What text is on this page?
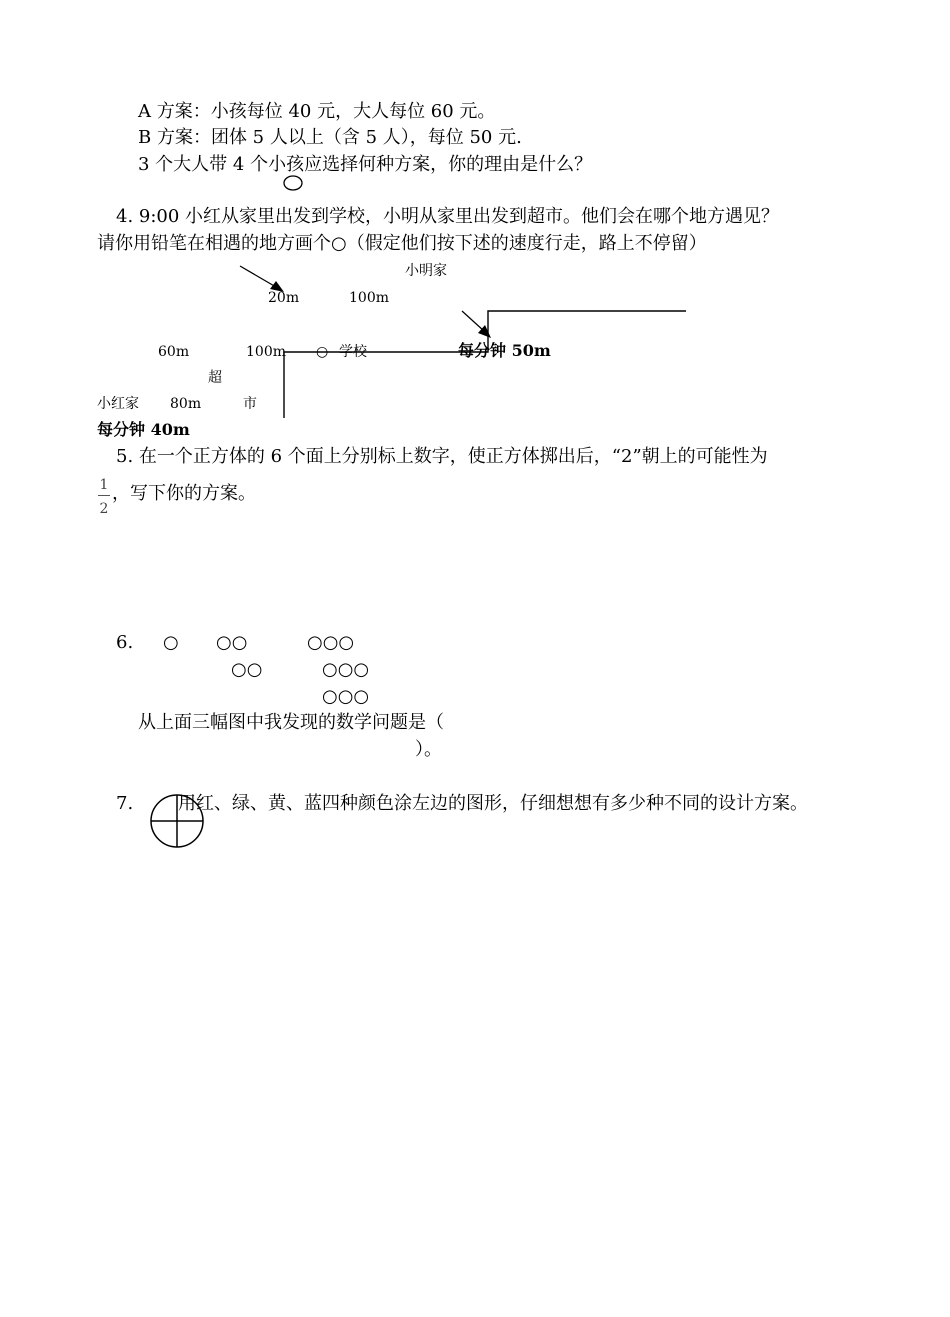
A 方案：小孩每位 40 元，大人每位 60 元。
B 方案：团体 5 人以上（含 5 人），每位 50 元.
3 个大人带 4 个小孩应选择何种方案，你的理由是什么？
4. 9:00 小红从家里出发到学校，小明从家里出发到超市。他们会在哪个地方遇见？
请你用铅笔在相遇的地方画个○（假定他们按下述的速度行走，路上不停留）
小明家
20m	100m
60m	100m ○ 学校	每分钟 50m
超
市
小红家 80m
每分钟 40m
5. 在一个正方体的 6 个面上分别标上数字，使正方体掷出后，“2”朝上的可能性为
1
2
，写下你的方案。
6. ○ ○○	○○○
○○	○○○
○○○
从上面三幅图中我发现的数学问题是（
）。
7. 用红、绿、黄、蓝四种颜色涂左边的图形，仔细想想有多少种不同的设计方案。
